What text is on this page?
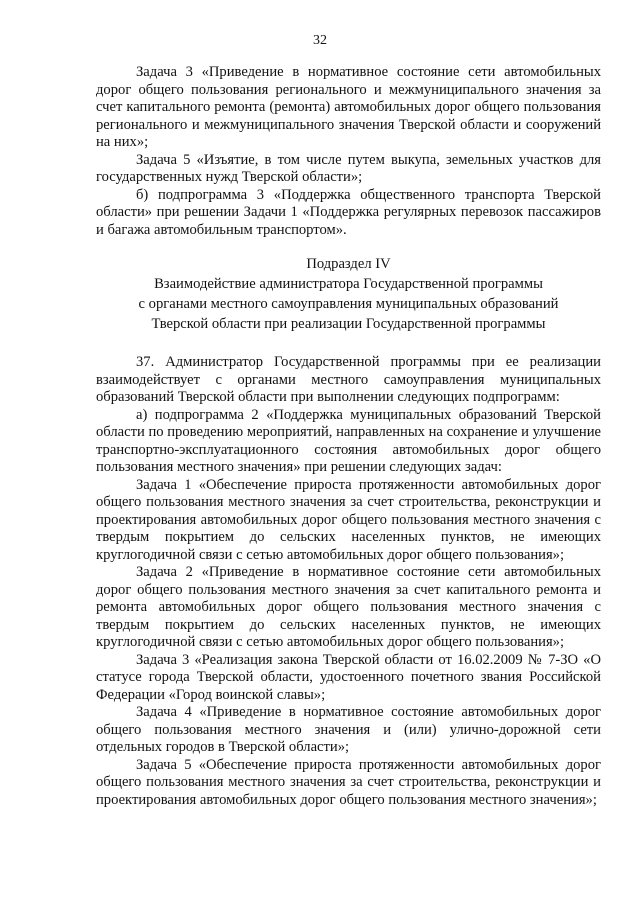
32

Задача 3 «Приведение в нормативное состояние сети автомобильных дорог общего пользования регионального и межмуниципального значения за счет капитального ремонта (ремонта) автомобильных дорог общего пользования регионального и межмуниципального значения Тверской области и сооружений на них»;

Задача 5 «Изъятие, в том числе путем выкупа, земельных участков для государственных нужд Тверской области»;

б) подпрограмма 3 «Поддержка общественного транспорта Тверской области» при решении Задачи 1 «Поддержка регулярных перевозок пассажиров и багажа автомобильным транспортом».

Подраздел IV
Взаимодействие администратора Государственной программы
с органами местного самоуправления муниципальных образований
Тверской области при реализации Государственной программы

37. Администратор Государственной программы при ее реализации взаимодействует с органами местного самоуправления муниципальных образований Тверской области при выполнении следующих подпрограмм:

а) подпрограмма 2 «Поддержка муниципальных образований Тверской области по проведению мероприятий, направленных на сохранение и улучшение транспортно-эксплуатационного состояния автомобильных дорог общего пользования местного значения» при решении следующих задач:

Задача 1 «Обеспечение прироста протяженности автомобильных дорог общего пользования местного значения за счет строительства, реконструкции и проектирования автомобильных дорог общего пользования местного значения с твердым покрытием до сельских населенных пунктов, не имеющих круглогодичной связи с сетью автомобильных дорог общего пользования»;

Задача 2 «Приведение в нормативное состояние сети автомобильных дорог общего пользования местного значения за счет капитального ремонта и ремонта автомобильных дорог общего пользования местного значения с твердым покрытием до сельских населенных пунктов, не имеющих круглогодичной связи с сетью автомобильных дорог общего пользования»;

Задача 3 «Реализация закона Тверской области от 16.02.2009 № 7-ЗО «О статусе города Тверской области, удостоенного почетного звания Российской Федерации «Город воинской славы»;

Задача 4 «Приведение в нормативное состояние автомобильных дорог общего пользования местного значения и (или) улично-дорожной сети отдельных городов в Тверской области»;

Задача 5 «Обеспечение прироста протяженности автомобильных дорог общего пользования местного значения за счет строительства, реконструкции и проектирования автомобильных дорог общего пользования местного значения»;
